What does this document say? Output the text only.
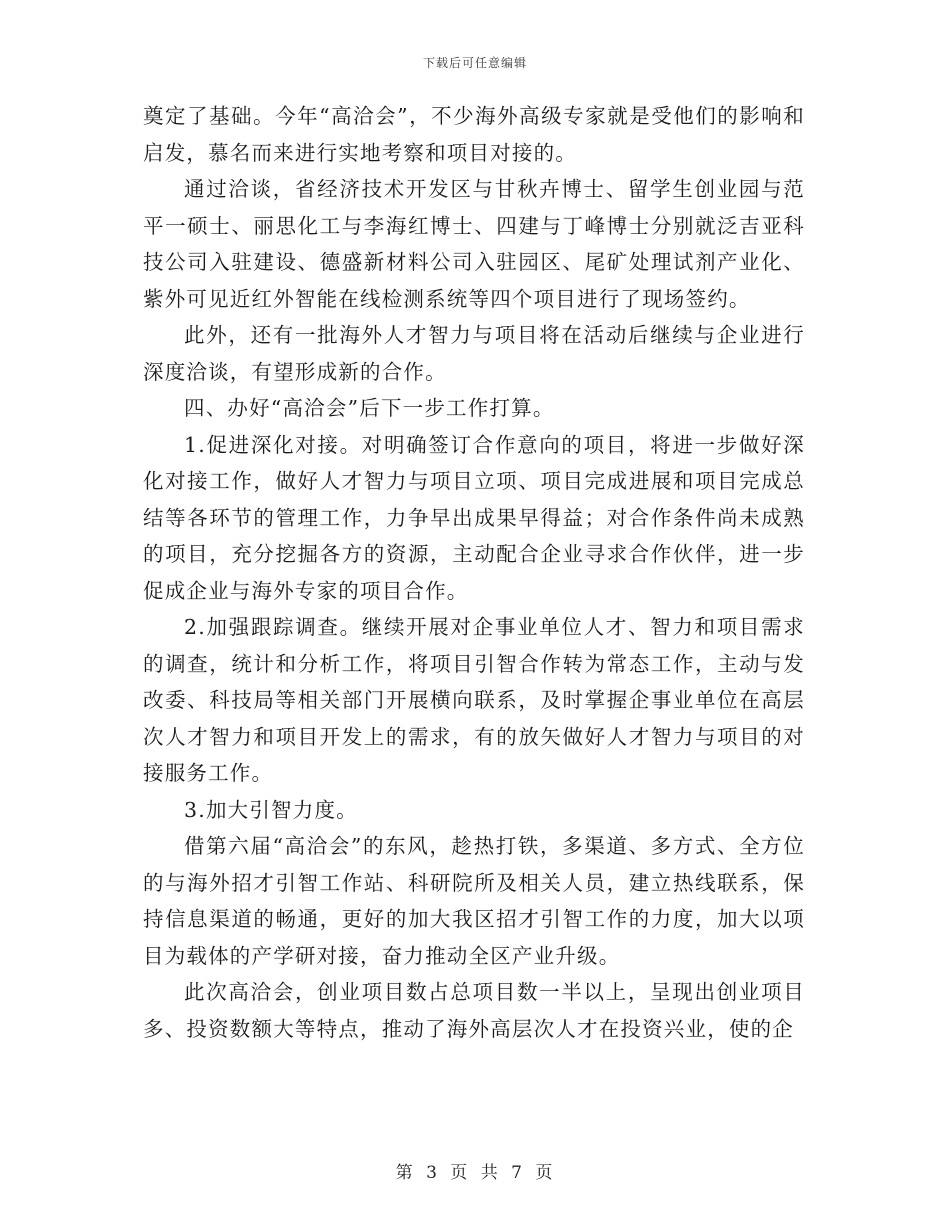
下载后可任意编辑

奠定了基础。今年“高洽会”，不少海外高级专家就是受他们的影响和启发，慕名而来进行实地考察和项目对接的。

通过洽谈，省经济技术开发区与甘秋卉博士、留学生创业园与范平一硕士、丽思化工与李海红博士、四建与丁峰博士分别就泛吉亚科技公司入驻建设、德盛新材料公司入驻园区、尾矿处理试剂产业化、紫外可见近红外智能在线检测系统等四个项目进行了现场签约。

此外，还有一批海外人才智力与项目将在活动后继续与企业进行深度洽谈，有望形成新的合作。

四、办好“高洽会”后下一步工作打算。

1.促进深化对接。对明确签订合作意向的项目，将进一步做好深化对接工作，做好人才智力与项目立项、项目完成进展和项目完成总结等各环节的管理工作，力争早出成果早得益；对合作条件尚未成熟的项目，充分挖掘各方的资源，主动配合企业寻求合作伙伴，进一步促成企业与海外专家的项目合作。

2.加强跟踪调查。继续开展对企事业单位人才、智力和项目需求的调查，统计和分析工作，将项目引智合作转为常态工作，主动与发改委、科技局等相关部门开展横向联系，及时掌握企事业单位在高层次人才智力和项目开发上的需求，有的放矢做好人才智力与项目的对接服务工作。

3.加大引智力度。

借第六届“高洽会”的东风，趁热打铁，多渠道、多方式、全方位的与海外招才引智工作站、科研院所及相关人员，建立热线联系，保持信息渠道的畅通，更好的加大我区招才引智工作的力度，加大以项目为载体的产学研对接，奋力推动全区产业升级。

此次高洽会，创业项目数占总项目数一半以上，呈现出创业项目多、投资数额大等特点，推动了海外高层次人才在投资兴业，使的企

第 3 页 共 7 页
